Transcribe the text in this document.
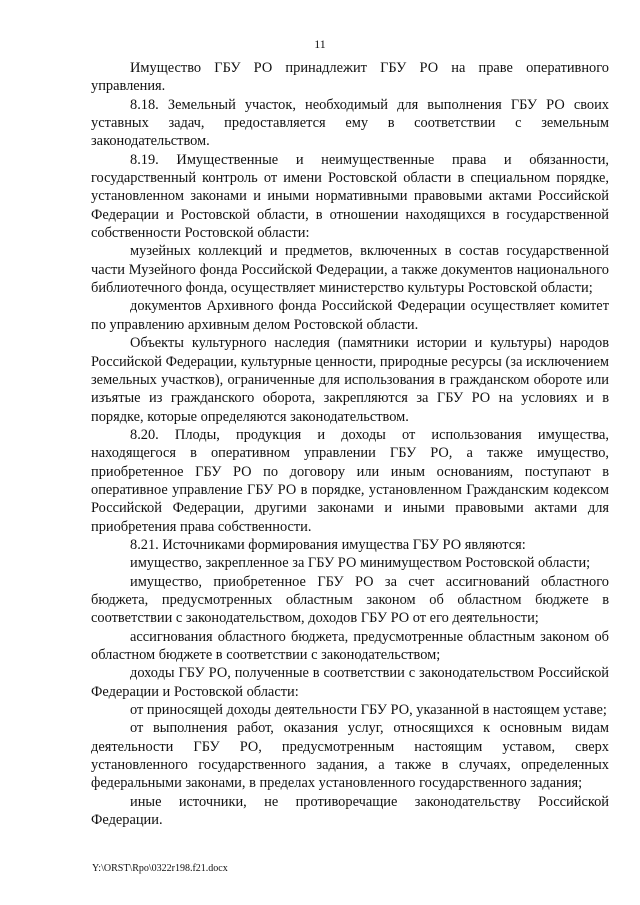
11

Имущество ГБУ РО принадлежит ГБУ РО на праве оперативного управления.

8.18. Земельный участок, необходимый для выполнения ГБУ РО своих уставных задач, предоставляется ему в соответствии с земельным законодательством.

8.19. Имущественные и неимущественные права и обязанности, государственный контроль от имени Ростовской области в специальном порядке, установленном законами и иными нормативными правовыми актами Российской Федерации и Ростовской области, в отношении находящихся в государственной собственности Ростовской области:

музейных коллекций и предметов, включенных в состав государственной части Музейного фонда Российской Федерации, а также документов национального библиотечного фонда, осуществляет министерство культуры Ростовской области;

документов Архивного фонда Российской Федерации осуществляет комитет по управлению архивным делом Ростовской области.

Объекты культурного наследия (памятники истории и культуры) народов Российской Федерации, культурные ценности, природные ресурсы (за исключением земельных участков), ограниченные для использования в гражданском обороте или изъятые из гражданского оборота, закрепляются за ГБУ РО на условиях и в порядке, которые определяются законодательством.

8.20. Плоды, продукция и доходы от использования имущества, находящегося в оперативном управлении ГБУ РО, а также имущество, приобретенное ГБУ РО по договору или иным основаниям, поступают в оперативное управление ГБУ РО в порядке, установленном Гражданским кодексом Российской Федерации, другими законами и иными правовыми актами для приобретения права собственности.

8.21. Источниками формирования имущества ГБУ РО являются:

имущество, закрепленное за ГБУ РО минимуществом Ростовской области;

имущество, приобретенное ГБУ РО за счет ассигнований областного бюджета, предусмотренных областным законом об областном бюджете в соответствии с законодательством, доходов ГБУ РО от его деятельности;

ассигнования областного бюджета, предусмотренные областным законом об областном бюджете в соответствии с законодательством;

доходы ГБУ РО, полученные в соответствии с законодательством Российской Федерации и Ростовской области:

от приносящей доходы деятельности ГБУ РО, указанной в настоящем уставе;

от выполнения работ, оказания услуг, относящихся к основным видам деятельности ГБУ РО, предусмотренным настоящим уставом, сверх установленного государственного задания, а также в случаях, определенных федеральными законами, в пределах установленного государственного задания;

иные источники, не противоречащие законодательству Российской Федерации.

Y:\ORST\Rpo\0322r198.f21.docx
